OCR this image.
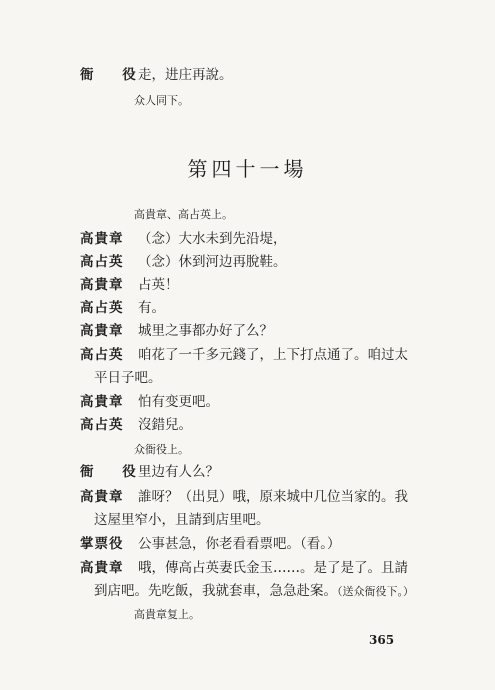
衙 役
走，进庄再說。
众人同下。
第四十一場
高貴章、高占英上。
高貴章 （念）大水未到先沿堤，
高占英 （念）休到河边再脫鞋。
高貴章 占英！
高占英 有。
高貴章 城里之事都办好了么？
高占英 咱花了一千多元錢了，上下打点通了。咱过太
平日子吧。
高貴章 怕有变更吧。
高占英 沒錯兒。
众衙役上。
衙 役
里边有人么？
高貴章 誰呀？（出見）哦，原来城中几位当家的。我
这屋里窄小，且請到店里吧。
掌票役 公事甚急，你老看看票吧。（看。）
高貴章 哦，傳高占英妻氏金玉……。是了是了。且請
到店吧。先吃飯，我就套車，急急赴案。（送众衙役下。）
高貴章复上。
365
